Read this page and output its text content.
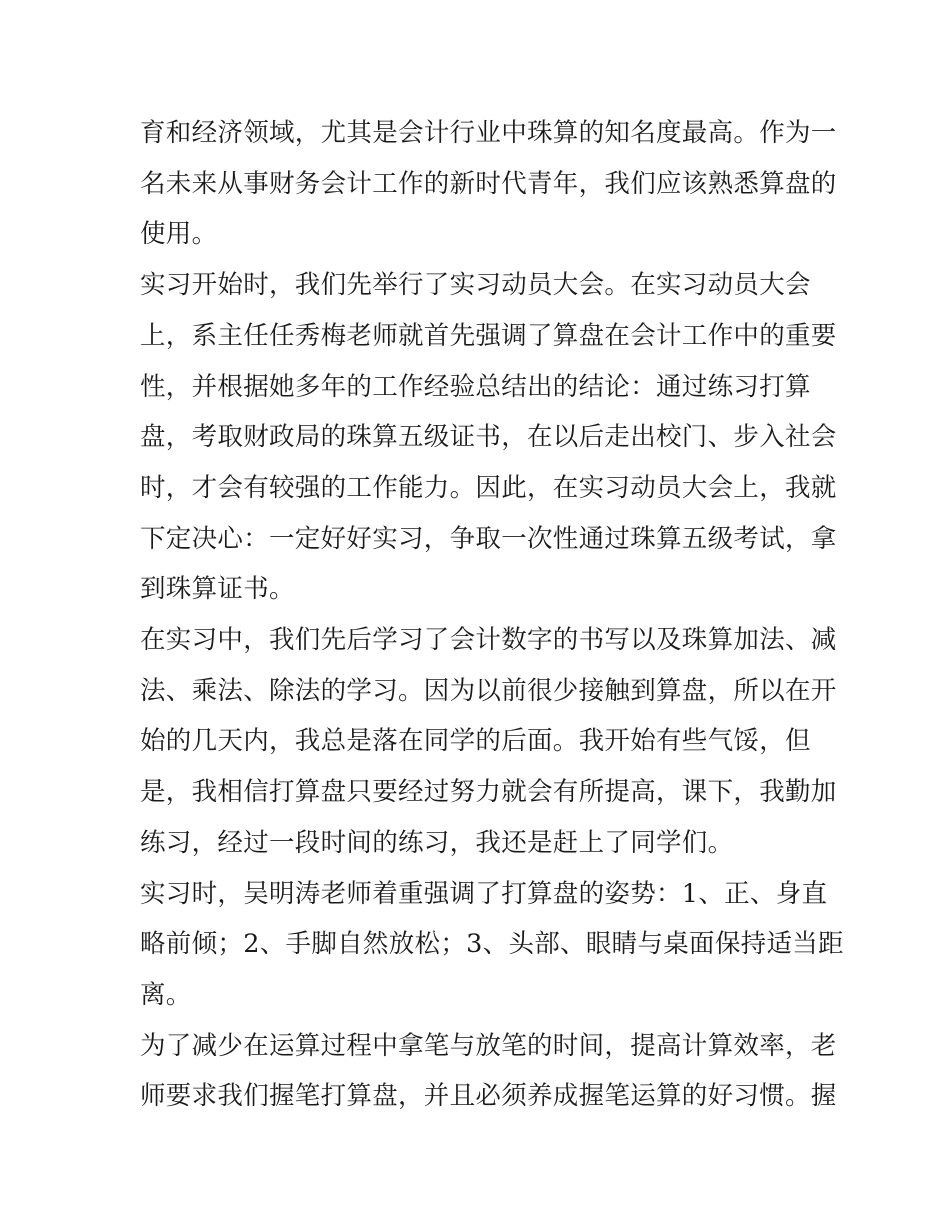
育和经济领域，尤其是会计行业中珠算的知名度最高。作为一
名未来从事财务会计工作的新时代青年，我们应该熟悉算盘的
使用。

实习开始时，我们先举行了实习动员大会。在实习动员大会
上，系主任任秀梅老师就首先强调了算盘在会计工作中的重要
性，并根据她多年的工作经验总结出的结论：通过练习打算
盘，考取财政局的珠算五级证书，在以后走出校门、步入社会
时，才会有较强的工作能力。因此，在实习动员大会上，我就
下定决心：一定好好实习，争取一次性通过珠算五级考试，拿
到珠算证书。

在实习中，我们先后学习了会计数字的书写以及珠算加法、减
法、乘法、除法的学习。因为以前很少接触到算盘，所以在开
始的几天内，我总是落在同学的后面。我开始有些气馁，但
是，我相信打算盘只要经过努力就会有所提高，课下，我勤加
练习，经过一段时间的练习，我还是赶上了同学们。

实习时，吴明涛老师着重强调了打算盘的姿势：1、正、身直
略前倾；2、手脚自然放松；3、头部、眼睛与桌面保持适当距
离。

为了减少在运算过程中拿笔与放笔的时间，提高计算效率，老
师要求我们握笔打算盘，并且必须养成握笔运算的好习惯。握
